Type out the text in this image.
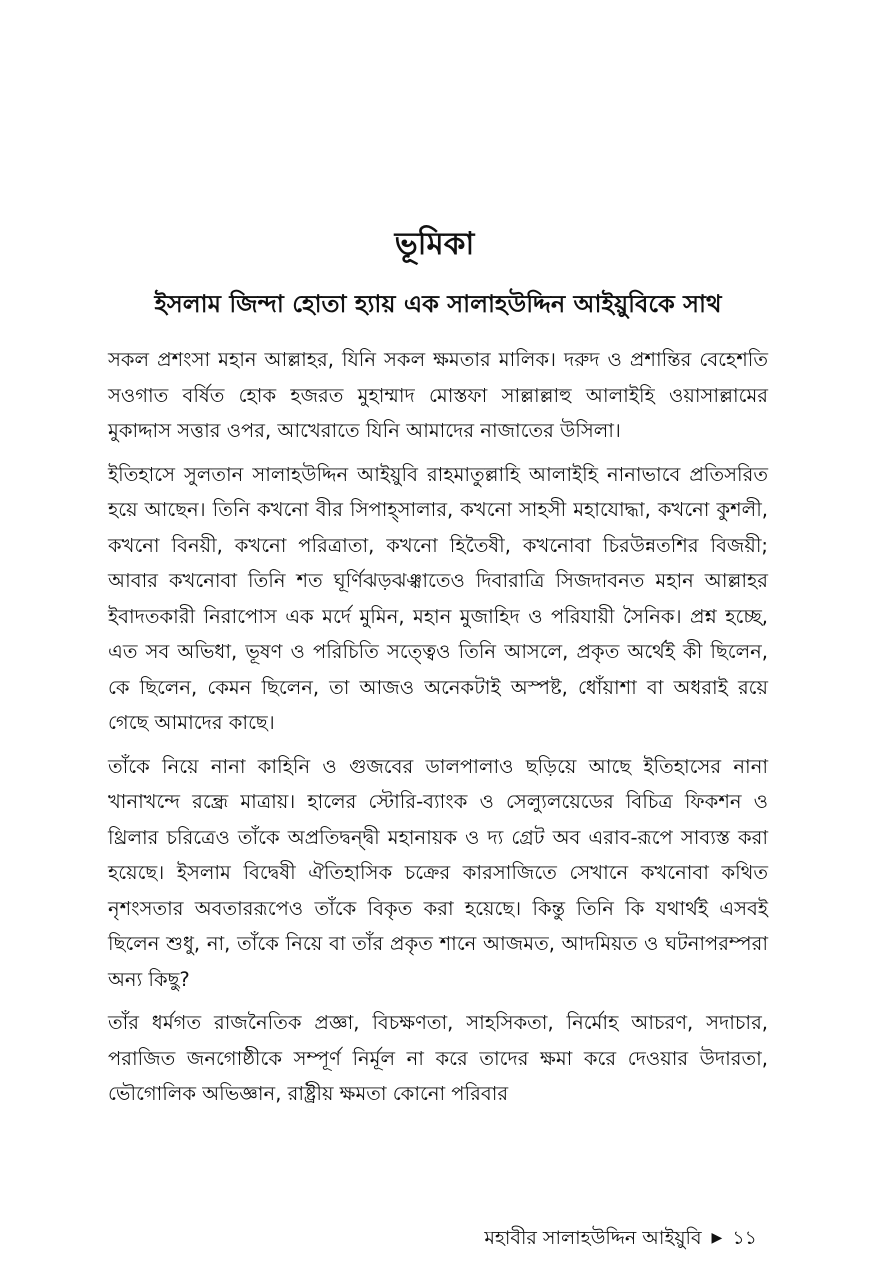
ভূমিকা
ইসলাম জিন্দা হোতা হ্যায় এক সালাহউদ্দিন আইয়ুবিকে সাথ

সকল প্রশংসা মহান আল্লাহর, যিনি সকল ক্ষমতার মালিক। দরুদ ও প্রশান্তির বেহেশতি সওগাত বর্ষিত হোক হজরত মুহাম্মাদ মোস্তফা সাল্লাল্লাহু আলাইহি ওয়াসাল্লামের মুকাদ্দাস সত্তার ওপর, আখেরাতে যিনি আমাদের নাজাতের উসিলা।

ইতিহাসে সুলতান সালাহউদ্দিন আইয়ুবি রাহমাতুল্লাহি আলাইহি নানাভাবে প্রতিসরিত হয়ে আছেন। তিনি কখনো বীর সিপাহ্সালার, কখনো সাহসী মহাযোদ্ধা, কখনো কুশলী, কখনো বিনয়ী, কখনো পরিত্রাতা, কখনো হিতৈষী, কখনোবা চিরউন্নতশির বিজয়ী; আবার কখনোবা তিনি শত ঘূর্ণিঝড়ঝঞ্ঝাতেও দিবারাত্রি সিজদাবনত মহান আল্লাহর ইবাদতকারী নিরাপোস এক মর্দে মুমিন, মহান মুজাহিদ ও পরিযায়ী সৈনিক। প্রশ্ন হচ্ছে, এত সব অভিধা, ভূষণ ও পরিচিতি সত্ত্বেও তিনি আসলে, প্রকৃত অর্থেই কী ছিলেন, কে ছিলেন, কেমন ছিলেন, তা আজও অনেকটাই অস্পষ্ট, ধোঁয়াশা বা অধরাই রয়ে গেছে আমাদের কাছে।

তাঁকে নিয়ে নানা কাহিনি ও গুজবের ডালপালাও ছড়িয়ে আছে ইতিহাসের নানা খানাখন্দে রন্ধ্রে মাত্রায়। হালের স্টোরি-ব্যাংক ও সেল্যুলয়েডের বিচিত্র ফিকশন ও থ্রিলার চরিত্রেও তাঁকে অপ্রতিদ্বন্দ্বী মহানায়ক ও দ্য গ্রেট অব এরাব-রূপে সাব্যস্ত করা হয়েছে। ইসলাম বিদ্বেষী ঐতিহাসিক চক্রের কারসাজিতে সেখানে কখনোবা কথিত নৃশংসতার অবতাররূপেও তাঁকে বিকৃত করা হয়েছে। কিন্তু তিনি কি যথার্থই এসবই ছিলেন শুধু, না, তাঁকে নিয়ে বা তাঁর প্রকৃত শানে আজমত, আদমিয়ত ও ঘটনাপরম্পরা অন্য কিছু?

তাঁর ধর্মগত রাজনৈতিক প্রজ্ঞা, বিচক্ষণতা, সাহসিকতা, নির্মোহ আচরণ, সদাচার, পরাজিত জনগোষ্ঠীকে সম্পূর্ণ নির্মূল না করে তাদের ক্ষমা করে দেওয়ার উদারতা, ভৌগোলিক অভিজ্ঞান, রাষ্ট্রীয় ক্ষমতা কোনো পরিবার

মহাবীর সালাহউদ্দিন আইয়ুবি ▶ ১১
